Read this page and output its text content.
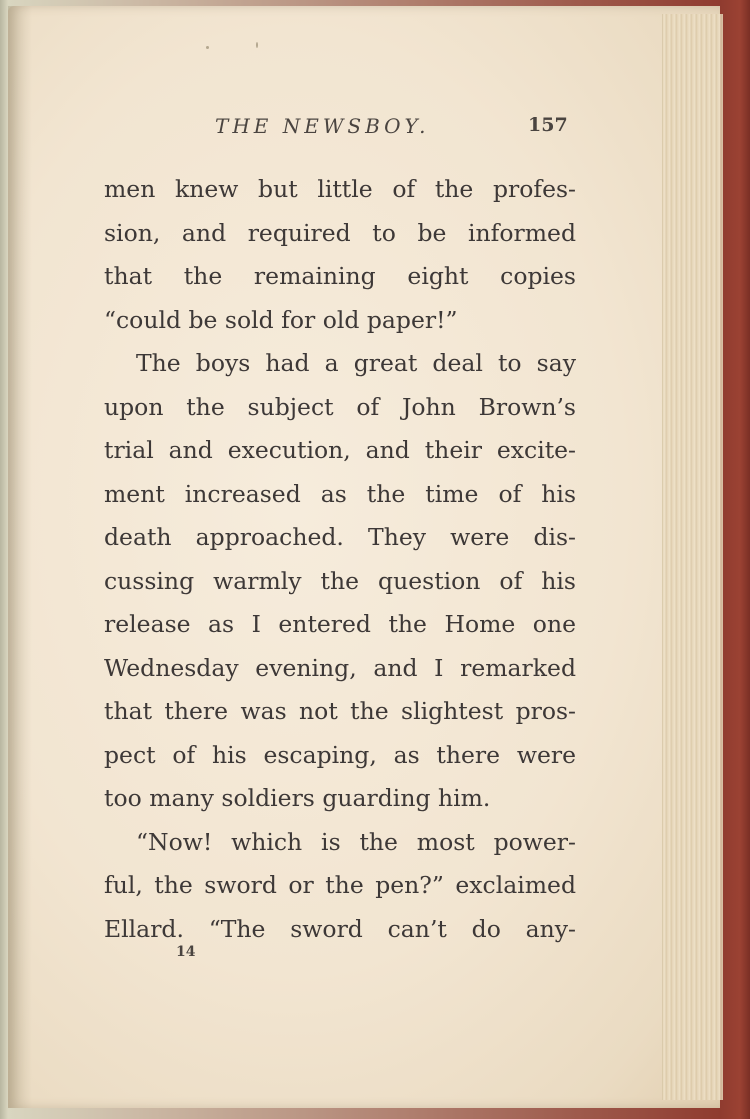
THE NEWSBOY.	157
men knew but little of the profes-
sion, and required to be informed
that the remaining eight copies
“could be sold for old paper!”
The boys had a great deal to say
upon the subject of John Brown’s
trial and execution, and their excite-
ment increased as the time of his
death approached. They were dis-
cussing warmly the question of his
release as I entered the Home one
Wednesday evening, and I remarked
that there was not the slightest pros-
pect of his escaping, as there were
too many soldiers guarding him.
“Now! which is the most power-
ful, the sword or the pen?” exclaimed
Ellard. “The sword can’t do any-
14
